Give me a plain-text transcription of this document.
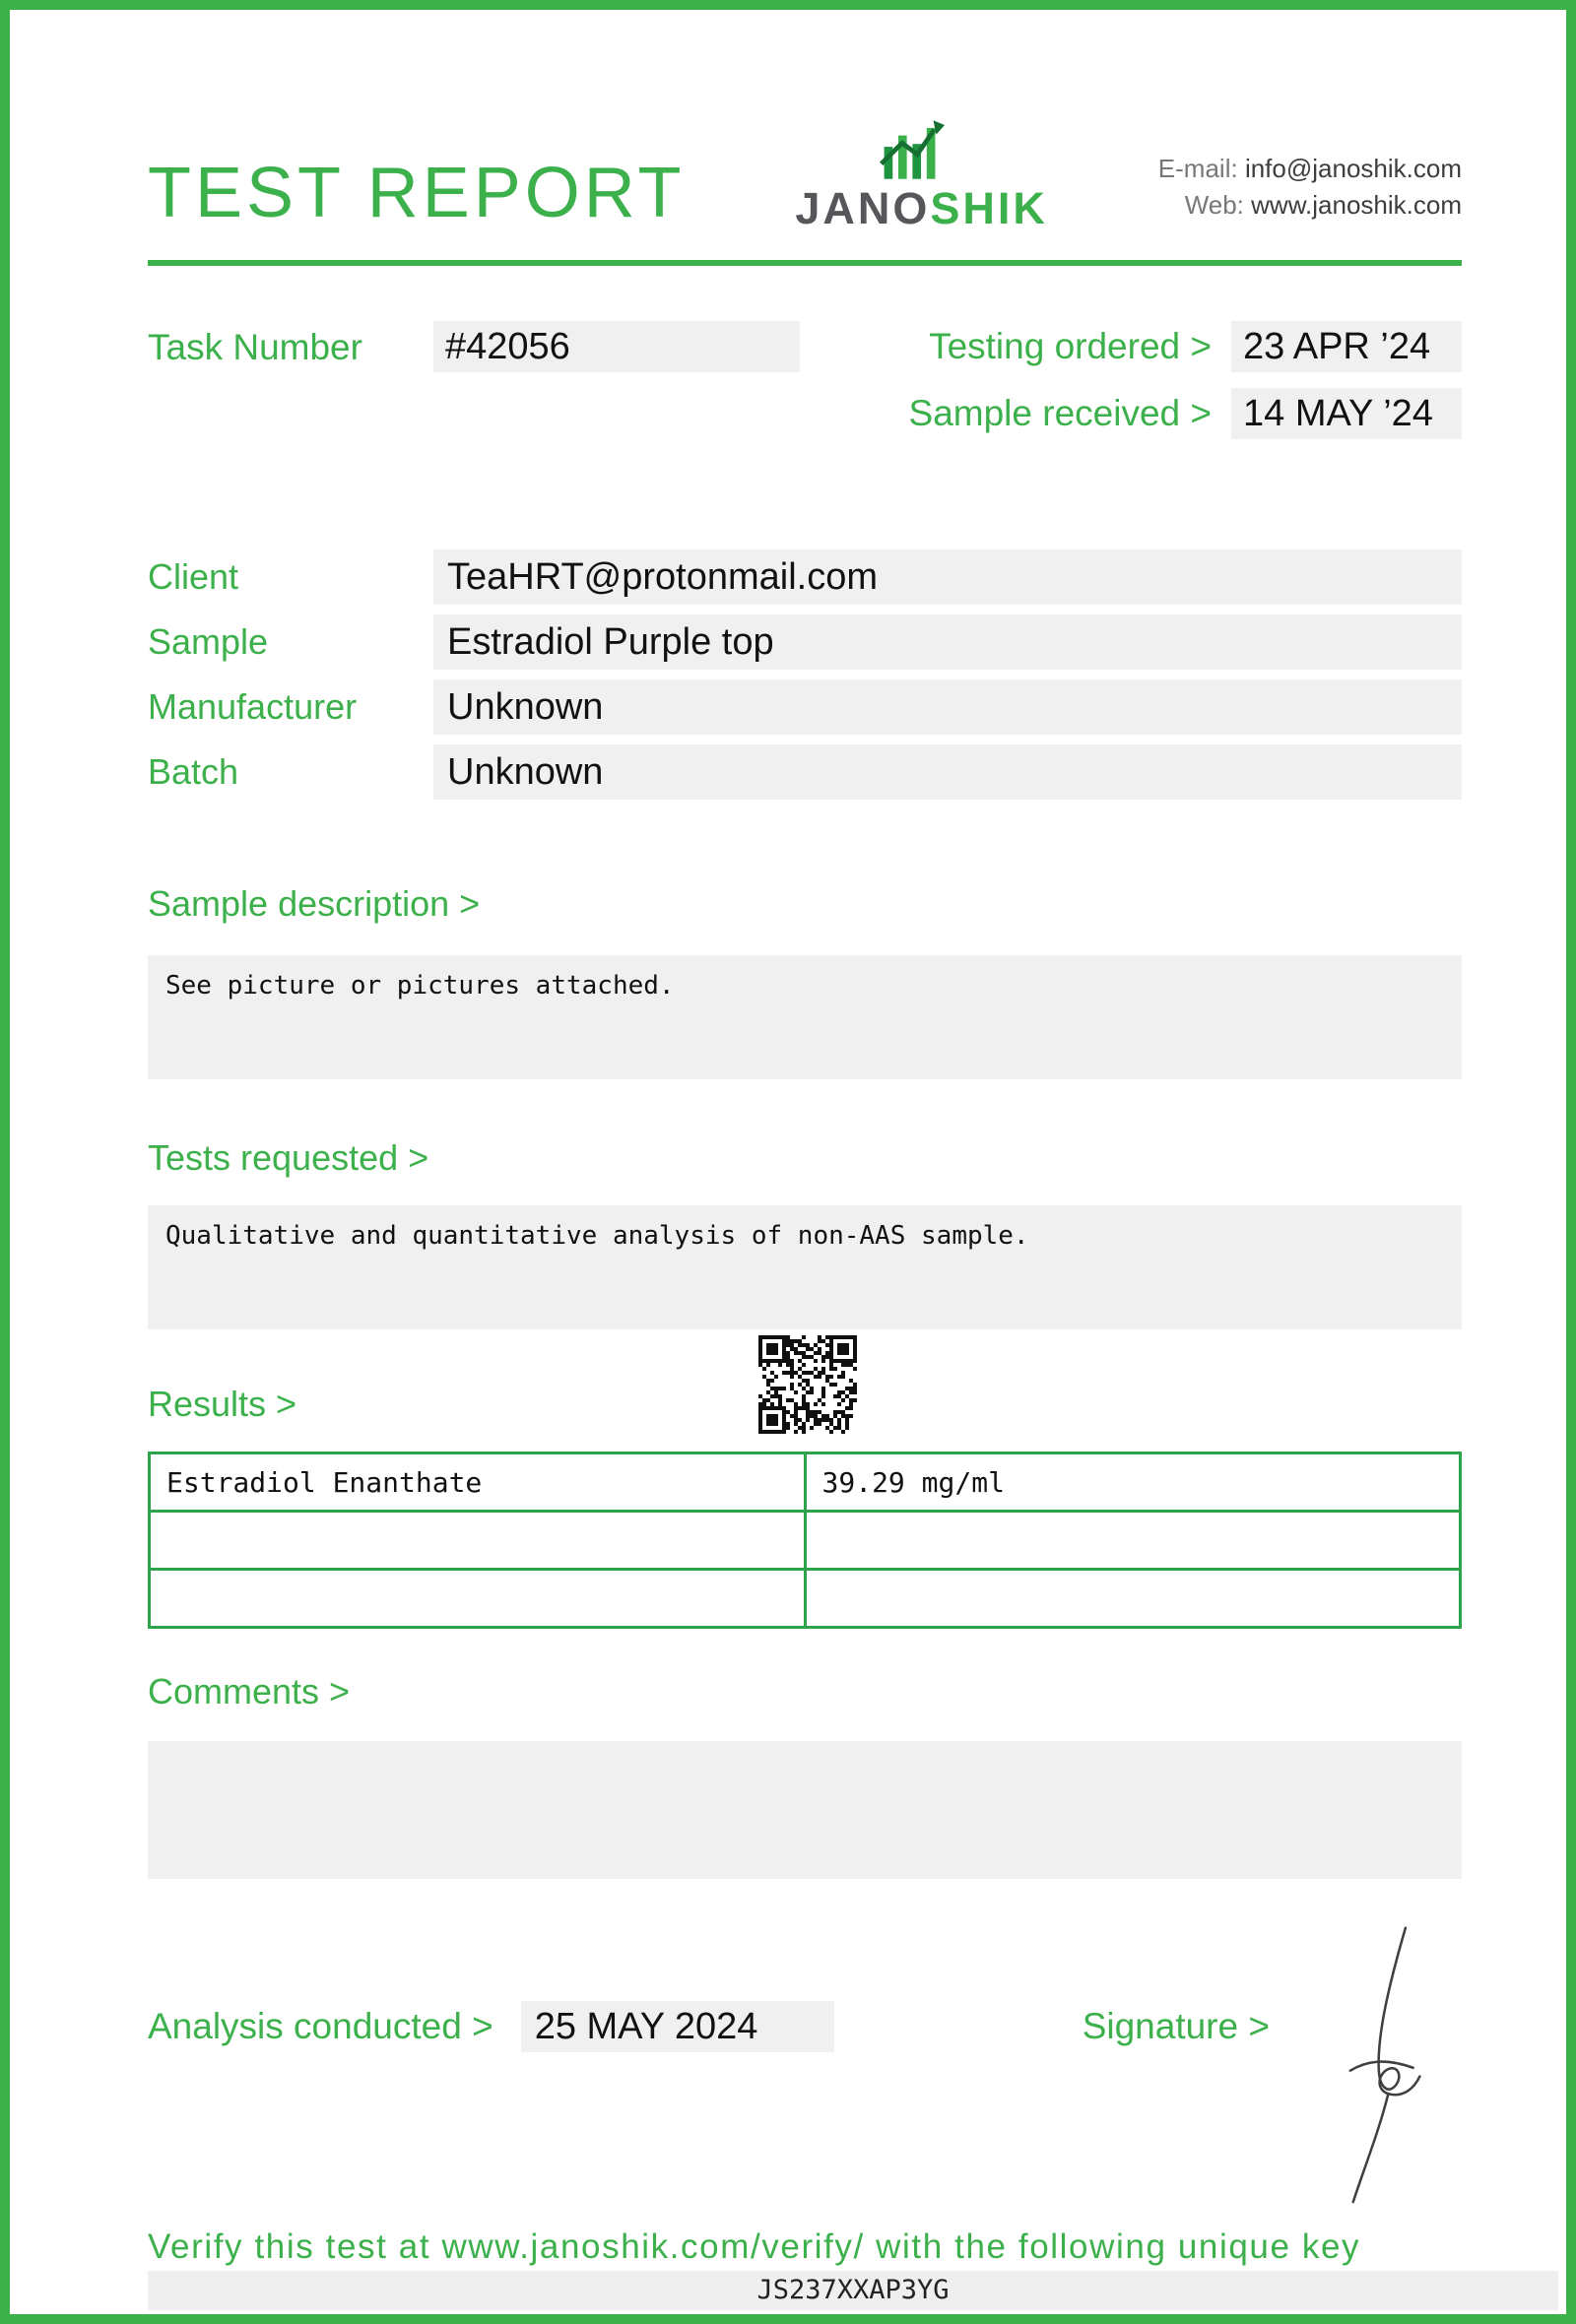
TEST REPORT JANOSHIK
E-mail: info@janoshik.com
Web: www.janoshik.com
Task Number	#42056	Testing ordered > 23 APR ’24
Sample received > 14 MAY ’24
Client	TeaHRT@protonmail.com
Sample	Estradiol Purple top
Manufacturer	Unknown
Batch	Unknown
Sample description >
See picture or pictures attached.
Tests requested >
Qualitative and quantitative analysis of non-AAS sample.
Results >
Estradiol Enanthate	39.29 mg/ml

Comments >
Analysis conducted >	25 MAY 2024	Signature >
Verify this test at www.janoshik.com/verify/ with the following unique key
JS237XXAP3YG
